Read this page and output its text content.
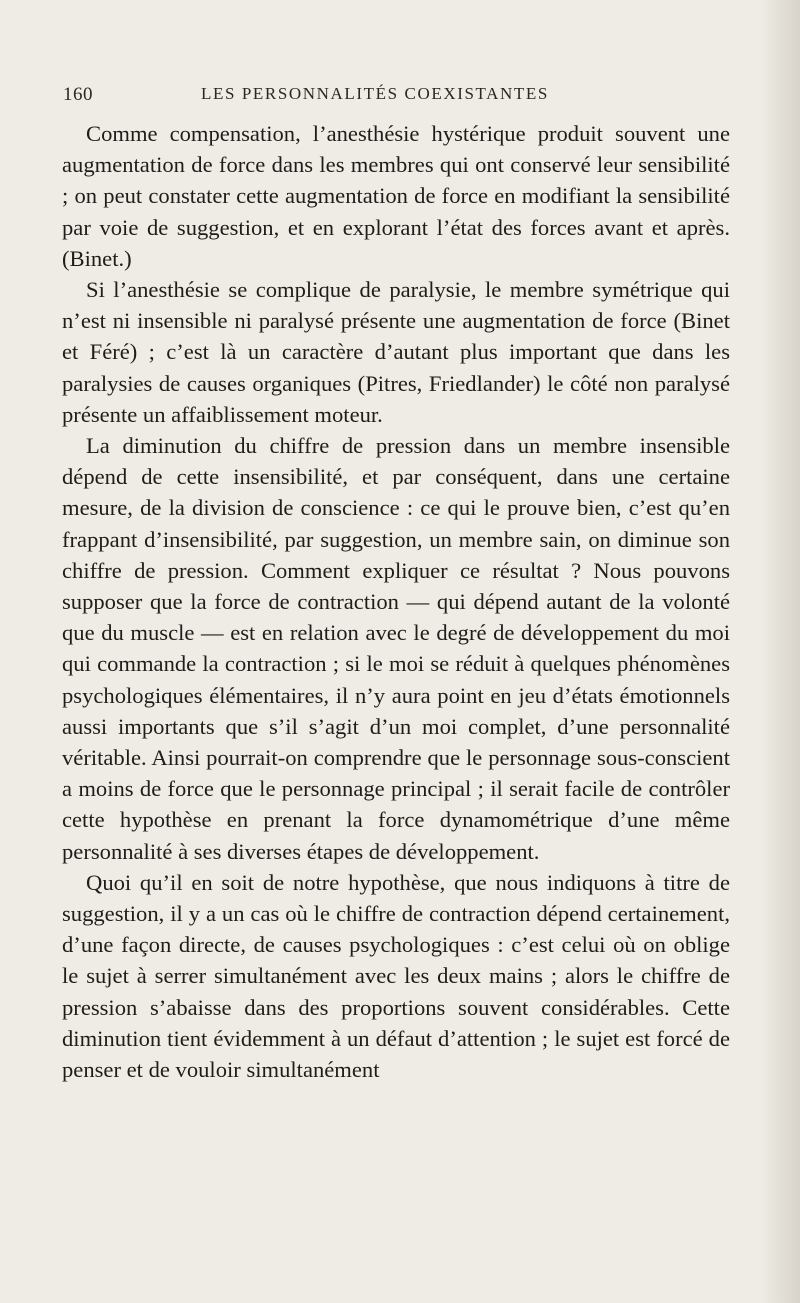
160	LES PERSONNALITÉS COEXISTANTES

Comme compensation, l’anesthésie hystérique produit souvent une augmentation de force dans les membres qui ont conservé leur sensibilité ; on peut constater cette augmentation de force en modifiant la sensibilité par voie de suggestion, et en explorant l’état des forces avant et après. (Binet.)

Si l’anesthésie se complique de paralysie, le membre symétrique qui n’est ni insensible ni paralysé présente une augmentation de force (Binet et Féré) ; c’est là un caractère d’autant plus important que dans les paralysies de causes organiques (Pitres, Friedlander) le côté non paralysé présente un affaiblissement moteur.

La diminution du chiffre de pression dans un membre insensible dépend de cette insensibilité, et par conséquent, dans une certaine mesure, de la division de conscience : ce qui le prouve bien, c’est qu’en frappant d’insensibilité, par suggestion, un membre sain, on diminue son chiffre de pression. Comment expliquer ce résultat ? Nous pouvons supposer que la force de contraction — qui dépend autant de la volonté que du muscle — est en relation avec le degré de développement du moi qui commande la contraction ; si le moi se réduit à quelques phénomènes psychologiques élémentaires, il n’y aura point en jeu d’états émotionnels aussi importants que s’il s’agit d’un moi complet, d’une personnalité véritable. Ainsi pourrait-on comprendre que le personnage sous-conscient a moins de force que le personnage principal ; il serait facile de contrôler cette hypothèse en prenant la force dynamométrique d’une même personnalité à ses diverses étapes de développement.

Quoi qu’il en soit de notre hypothèse, que nous indiquons à titre de suggestion, il y a un cas où le chiffre de contraction dépend certainement, d’une façon directe, de causes psychologiques : c’est celui où on oblige le sujet à serrer simultanément avec les deux mains ; alors le chiffre de pression s’abaisse dans des proportions souvent considérables. Cette diminution tient évidemment à un défaut d’attention ; le sujet est forcé de penser et de vouloir simultanément
